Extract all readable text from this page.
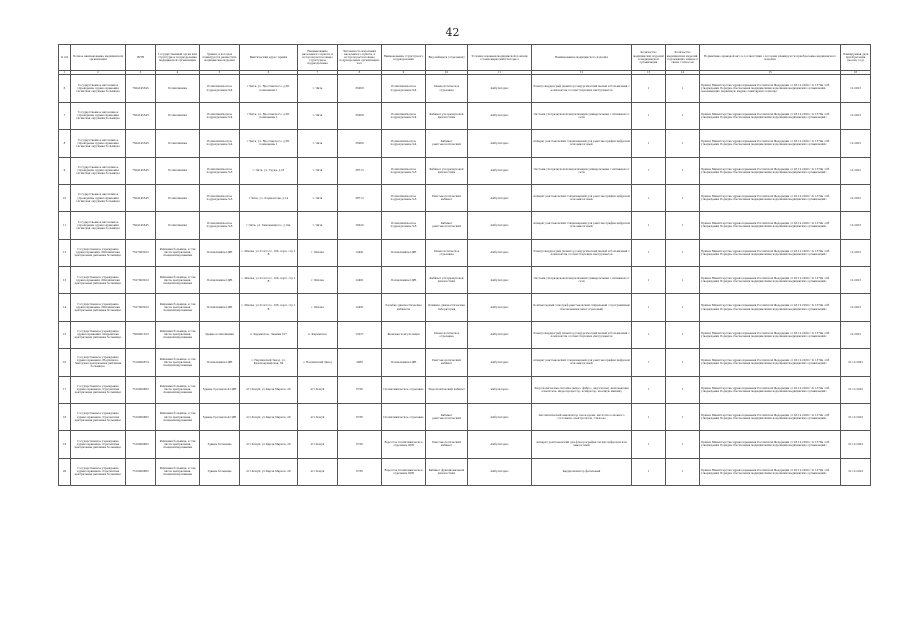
42
№ п/п	Полное наименование медицинской организации	ИНН	Государственный орган или структурное подразделение медицинской организации	Здания, в которых планируется разместить медицинские изделия	Фактический адрес здания	Наименование населенного пункта, в котором расположено структурное подразделение	Численность населения населенного пункта, в котором расположено подразделение организации, чел.	Наименование структурного подразделения	Вид кабинета (отделения)	Условия оказания медицинской помощи (стационарно/амбулаторно)	Наименование медицинского изделия	Количество медицинских изделий в медицинской организации	Количество медицинских изделий, подлежащих замене в связи с износом	Нормативно-правовой акт, в соответствии с которым планируется приобретение медицинского изделия	Планируемая дата приобретения (месяц, год)
1	2	3	4	5	6	7	8	9	10	11	12	13	14	15	16
6	Государственное автономное учреждение здравоохранения «Агинская окружная больница»	7504145545	Поликлиника	Поликлиническое подразделение №4	г.Чита, ул. Ярославского, д.38, помещение 1	г. Чита	35068	Поликлиническое подразделение №4	Гинекологическое отделение	Амбулаторно	Электрокардиограф (монитор) хирургический малый и больничный с комплектом соответствующих инструментов	1	1	Приказ Министерства здравоохранения Российской Федерации от 28.12.2020 г № 1379н «Об утверждении Порядка обеспечения медицинскими изделиями медицинских организаций, оказывающих первичную медико-санитарную помощь»	12.2023
7	Государственное автономное учреждение здравоохранения «Агинская окружная больница»	7504145545	Поликлиника	Поликлиническое подразделение №4	г.Чита, ул. Ярославского, д.38, помещение 1	г. Чита	35068	Поликлиническое подразделение №4	Кабинет ультразвуковой диагностики	Амбулаторно	Система ультразвуковой визуализации универсальная с питанием от сети	1	1	Приказ Министерства здравоохранения Российской Федерации от 28.12.2020 г № 1379н «Об утверждении Порядка обеспечения медицинскими изделиями медицинских организаций»	12.2023
8	Государственное автономное учреждение здравоохранения «Агинская окружная больница»	7504145545	Поликлиника	Поликлиническое подразделение №4	г.Чита, ул. Ярославского, д.38, помещение 1	г. Чита	35068	Поликлиническое подразделение №4	Кабинет рентгенологический	Амбулаторно	Аппарат рентгеновский стационарный для рентгенографии цифровой или аналоговый	1	1	Приказ Министерства здравоохранения Российской Федерации от 28.12.2020 г № 1379н «Об утверждении Порядка обеспечения медицинскими изделиями медицинских организаций»	12.2023
9	Государственное автономное учреждение здравоохранения «Агинская окружная больница»	7504145545	Поликлиника	Поликлиническое подразделение №3	г. Чита, ул. Труда, д.23	г. Чита	38713	Поликлиническое подразделение №3	Кабинет ультразвуковой диагностики	Амбулаторно	Система ультразвуковой визуализации универсальная с питанием от сети	1	1	Приказ Министерства здравоохранения Российской Федерации от 28.12.2020 г № 1379н «Об утверждении Порядка обеспечения медицинскими изделиями медицинских организаций»	12.2022
10	Государственное автономное учреждение здравоохранения «Агинская окружная больница»	7504145545	Поликлиника	Поликлиническое подразделение №3	г.Чита, ул. Лермонтова, д.14	г. Чита	38713	Поликлиническое подразделение №3	Рентгенологический кабинет	Амбулаторно	Аппарат рентгеновский стационарный для рентгенографии цифровой или аналоговый	1	1	Приказ Министерства здравоохранения Российской Федерации от 28.12.2020 г № 1379н «Об утверждении Порядка обеспечения медицинскими изделиями медицинских организаций»	12.2022
11	Государственное автономное учреждение здравоохранения «Агинская окружная больница»	7504145545	Поликлиника	Поликлиническое подразделение №6	г.Чита, ул. Хмельницкого, д.10а	г. Чита	16324	Поликлиническое подразделение №6	Кабинет рентгенологический	Амбулаторно	Аппарат рентгеновский стационарный для рентгенографии цифровой или аналоговый	1	1	Приказ Министерства здравоохранения Российской Федерации от 28.12.2020 г № 1379н «Об утверждении Порядка обеспечения медицинскими изделиями медицинских организаций»	12.2023
12	Государственное учреждение здравоохранения «Шилкинская центральная районная больница»	7527003222	Районная больница, в том числе центральная, специализированная	Поликлиника ЦРБ	г. Шилка, ул.Толстого, 106, корп. стр.1 В	г. Шилка	12491	Поликлиника ЦРБ	Гинекологическое отделение	Амбулаторно	Электрокардиограф (монитор) хирургический малый и больничный с комплектом соответствующих инструментов	1	1	Приказ Министерства здравоохранения Российской Федерации от 28.12.2020 г № 1379н «Об утверждении Порядка обеспечения медицинскими изделиями медицинских организаций»	12.2023
13	Государственное учреждение здравоохранения «Шилкинская центральная районная больница»	7527003222	Районная больница, в том числе центральная, специализированная	Поликлиника ЦРБ	г. Шилка, ул.Толстого, 106, корп. стр.1 В	г. Шилка	12491	Поликлиника ЦРБ	Кабинет ультразвуковой диагностики	Амбулаторно	Система ультразвуковой визуализации универсальная с питанием от сети	1	1	Приказ Министерства здравоохранения Российской Федерации от 28.12.2020 г № 1379н «Об утверждении Порядка обеспечения медицинскими изделиями медицинских организаций»	12.2023
14	Государственное учреждение здравоохранения «Шилкинская центральная районная больница»	7527003222	Районная больница, в том числе центральная, специализированная	Поликлиника ЦРБ	г. Шилка, ул.Толстого, 106, корп. стр.1 В	г. Шилка	12491	Лечебно-диагностические кабинеты	Клинико-диагностическая лаборатория	Амбулаторно	Компьютерный томограф рентгеновский спиральный с программным обеспечением (многосрезовый)	1	1	Приказ Министерства здравоохранения Российской Федерации от 28.12.2020 г № 1379н «Об утверждении Порядка обеспечения медицинскими изделиями медицинских организаций»	12.2023
15	Государственное учреждение здравоохранения «Карымская центральная районная больница»	7509001323	Районная больница, в том числе центральная, специализированная	Здание поликлиники	п. Карымское, Ленина 107	п. Карымское	13237	Женская консультация	Гинекологическое отделение	Амбулаторно	Электрокардиограф (монитор) хирургический малый и больничный с комплектом соответствующих инструментов	1	1	Приказ Министерства здравоохранения Российской Федерации от 28.12.2020 г № 1379н «Об утверждении Порядка обеспечения медицинскими изделиями медицинских организаций»	12.2023
16	Государственное учреждение здравоохранения «Нерчинско-Заводская центральная районная больница»	7514000874	Районная больница, в том числе центральная, специализированная	Поликлиника ЦРБ	с. Нерчинский Завод, ул. Красноармейская, 64	с. Нерчинский Завод	3980	Поликлиника ЦРБ	Рентгенологический кабинет	Амбулаторно	Аппарат рентгеновский стационарный для рентгенографии цифровой или аналоговый	1	1	Приказ Министерства здравоохранения Российской Федерации от 28.12.2020 г № 1379н «Об утверждении Порядка обеспечения медицинскими изделиями медицинских организаций»	31.12.2023
17	Государственное учреждение здравоохранения «Сретенская центральная районная больница»	7519000882	Районная больница, в том числе центральная, специализированная	Здание Сретенской ЦРБ	пгт.Кокуй, ул.Карла Маркса, 29	пгт.Кокуй	6736	Поликлиническое отделение	Эндоскопический кабинет	амбулаторно	Эндоскопическая система (видео, фибро-, эндоскопы), включающая осветитель, видеопроцессор, аспиратор, моечную машину	1	1	Приказ Министерства здравоохранения Российской Федерации от 28.12.2020 г № 1379н «Об утверждении Порядка обеспечения медицинскими изделиями медицинских организаций»	31.12.2023
18	Государственное учреждение здравоохранения «Сретенская центральная районная больница»	7519000882	Районная больница, в том числе центральная, специализированная	Здание Сретенской ЦРБ	пгт.Кокуй, ул.Карла Маркса, 29	пгт.Кокуй	6736	Поликлиническое отделение	Кабинет рентгенологический	Амбулаторно	Автоматический анализатор газов крови, кислотно-основного состояния, электролитов, глюкозы	1	1	Приказ Министерства здравоохранения Российской Федерации от 28.12.2020 г № 1379н «Об утверждении Порядка обеспечения медицинскими изделиями медицинских организаций»	31.12.2023
19	Государственное учреждение здравоохранения «Сретенская центральная районная больница»	7519000882	Районная больница, в том числе центральная, специализированная	Здание больницы	пгт.Кокуй, ул.Карла Маркса, 29	пгт.Кокуй	6736	Взрослое поликлиническое отделение ЦРБ	Рентгенологический кабинет	Амбулаторно	Аппарат рентгеновский для флюорографии легких цифровой или аналоговый	1	1	Приказ Министерства здравоохранения Российской Федерации от 28.12.2020 г № 1379н «Об утверждении Порядка обеспечения медицинскими изделиями медицинских организаций»	31.12.2023
20	Государственное учреждение здравоохранения «Сретенская центральная районная больница»	7519000882	Районная больница, в том числе центральная, специализированная	Здание больницы	пгт.Кокуй, ул.Карла Маркса, 29	пгт.Кокуй	6736	Взрослое поликлиническое отделение ЦРБ	Кабинет функциональной диагностики	Амбулаторно	Кардиомонитор фетальный	1	1	Приказ Министерства здравоохранения Российской Федерации от 28.12.2020 г № 1379н «Об утверждении Порядка обеспечения медицинскими изделиями медицинских организаций»	31.12.2023
